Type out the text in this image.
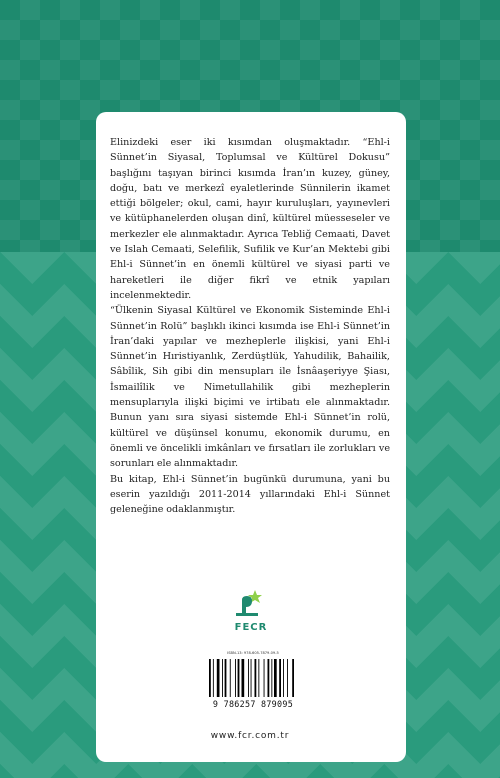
Elinizdeki eser iki kısımdan oluşmaktadır. “Ehl-i Sünnet’in Siyasal, Toplumsal ve Kültürel Dokusu” başlığını taşıyan birinci kısımda İran’ın kuzey, güney, doğu, batı ve merkezî eyaletlerinde Sünnilerin ikamet ettiği bölgeler; okul, cami, hayır kuruluşları, yayınevleri ve kütüphanelerden oluşan dinî, kültürel müesseseler ve merkezler ele alınmaktadır. Ayrıca Tebliğ Cemaati, Davet ve Islah Cemaati, Selefilik, Sufilik ve Kur’an Mektebi gibi Ehl-i Sünnet’in en önemli kültürel ve siyasi parti ve hareketleri ile diğer fikrî ve etnik yapıları incelenmektedir.
“Ülkenin Siyasal Kültürel ve Ekonomik Sisteminde Ehl-i Sünnet’in Rolü” başlıklı ikinci kısımda ise Ehl-i Sünnet’in İran’daki yapılar ve mezheplerle ilişkisi, yani Ehl-i Sünnet’in Hıristiyanlık, Zerdüştlük, Yahudilik, Bahailik, Sâbîlik, Sih gibi din mensupları ile İsnâaşeriyye Şiası, İsmailîlik ve Nimetullahilik gibi mezheplerin mensuplarıyla ilişki biçimi ve irtibatı ele alınmaktadır. Bunun yanı sıra siyasi sistemde Ehl-i Sünnet’in rolü, kültürel ve düşünsel konumu, ekonomik durumu, en önemli ve öncelikli imkânları ve fırsatları ile zorlukları ve sorunları ele alınmaktadır.
Bu kitap, Ehl-i Sünnet’in bugünkü durumuna, yani bu eserin yazıldığı 2011-2014 yıllarındaki Ehl-i Sünnet geleneğine odaklanmıştır.
FECR
ISBN-13: 978-605-7879-09-5
9 786257 879095
www.fcr.com.tr
